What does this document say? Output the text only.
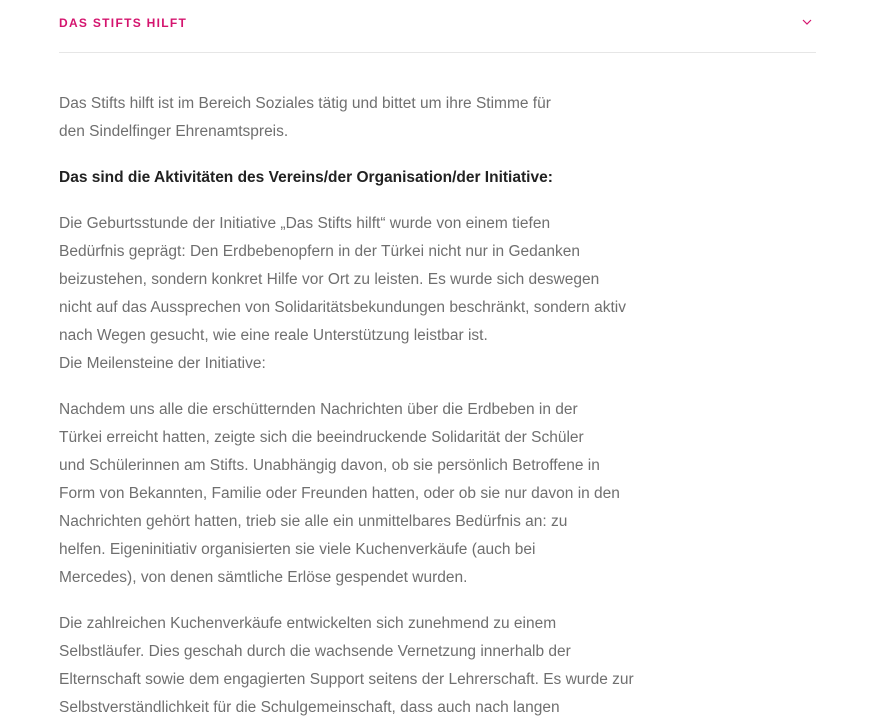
DAS STIFTS HILFT

Das Stifts hilft ist im Bereich Soziales tätig und bittet um ihre Stimme für
den Sindelfinger Ehrenamtspreis.

Das sind die Aktivitäten des Vereins/der Organisation/der Initiative:

Die Geburtsstunde der Initiative „Das Stifts hilft“ wurde von einem tiefen
Bedürfnis geprägt: Den Erdbebenopfern in der Türkei nicht nur in Gedanken
beizustehen, sondern konkret Hilfe vor Ort zu leisten. Es wurde sich deswegen
nicht auf das Aussprechen von Solidaritätsbekundungen beschränkt, sondern aktiv
nach Wegen gesucht, wie eine reale Unterstützung leistbar ist.
Die Meilensteine der Initiative:

Nachdem uns alle die erschütternden Nachrichten über die Erdbeben in der
Türkei erreicht hatten, zeigte sich die beeindruckende Solidarität der Schüler
und Schülerinnen am Stifts. Unabhängig davon, ob sie persönlich Betroffene in
Form von Bekannten, Familie oder Freunden hatten, oder ob sie nur davon in den
Nachrichten gehört hatten, trieb sie alle ein unmittelbares Bedürfnis an: zu
helfen. Eigeninitiativ organisierten sie viele Kuchenverkäufe (auch bei
Mercedes), von denen sämtliche Erlöse gespendet wurden.

Die zahlreichen Kuchenverkäufe entwickelten sich zunehmend zu einem
Selbstläufer. Dies geschah durch die wachsende Vernetzung innerhalb der
Elternschaft sowie dem engagierten Support seitens der Lehrerschaft. Es wurde zur
Selbstverständlichkeit für die Schulgemeinschaft, dass auch nach langen
